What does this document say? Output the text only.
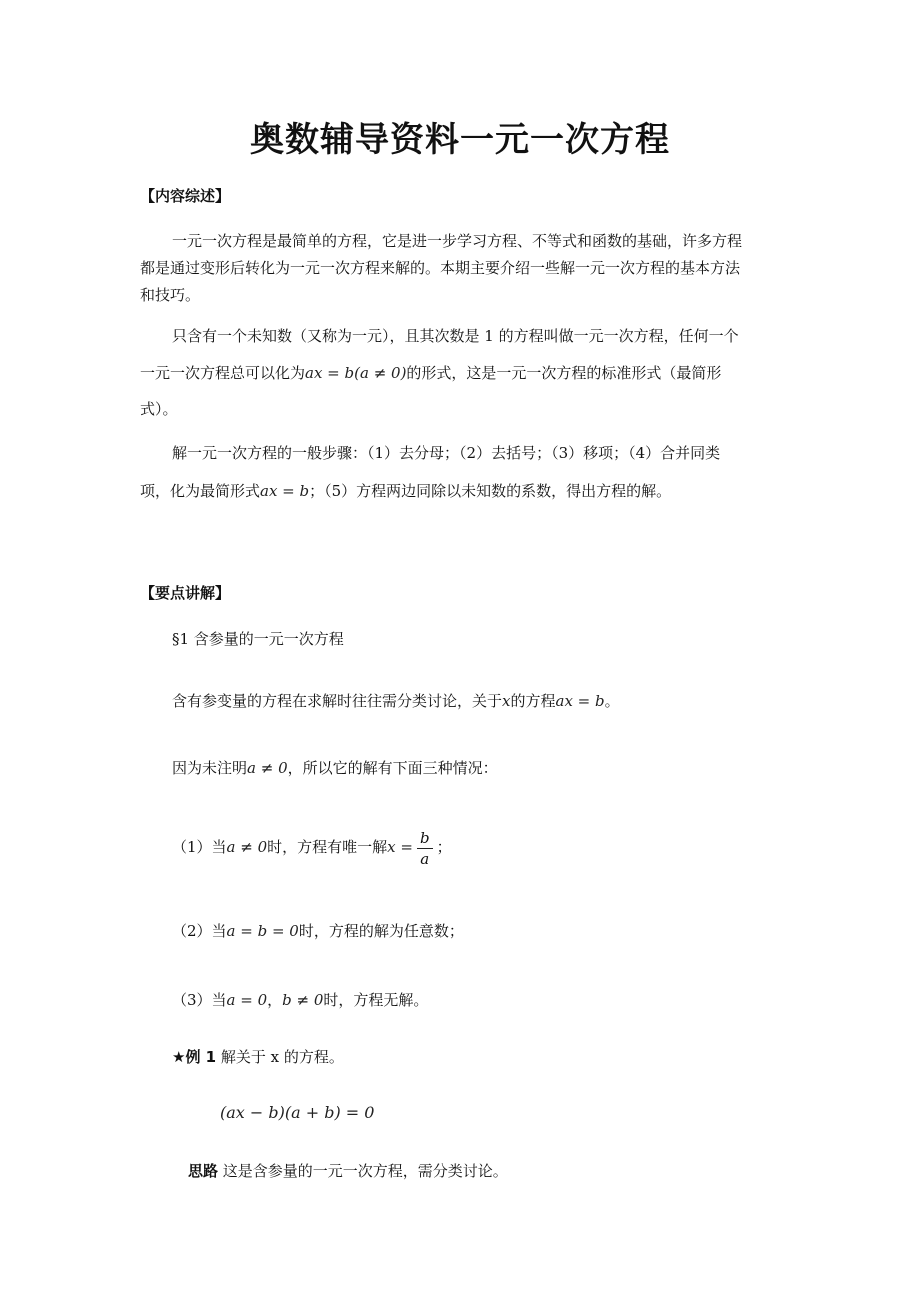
奥数辅导资料一元一次方程
【内容综述】
一元一次方程是最简单的方程，它是进一步学习方程、不等式和函数的基础，许多方程
都是通过变形后转化为一元一次方程来解的。本期主要介绍一些解一元一次方程的基本方法
和技巧。
只含有一个未知数（又称为一元），且其次数是 1 的方程叫做一元一次方程，任何一个
一元一次方程总可以化为ax = b(a ≠ 0)的形式，这是一元一次方程的标准形式（最简形
式）。
解一元一次方程的一般步骤：（1）去分母；（2）去括号；（3）移项；（4）合并同类
项，化为最简形式ax = b；（5）方程两边同除以未知数的系数，得出方程的解。
【要点讲解】
§1 含参量的一元一次方程
含有参变量的方程在求解时往往需分类讨论，关于x的方程ax = b。
因为未注明a ≠ 0，所以它的解有下面三种情况：
（1）当a ≠ 0时，方程有唯一解$x = \frac{b}{a}$ ；
（2）当a = b = 0时，方程的解为任意数；
（3）当a = 0，b ≠ 0时，方程无解。
★例 1 解关于 x 的方程。
(ax − b)(a + b) = 0
思路 这是含参量的一元一次方程，需分类讨论。
